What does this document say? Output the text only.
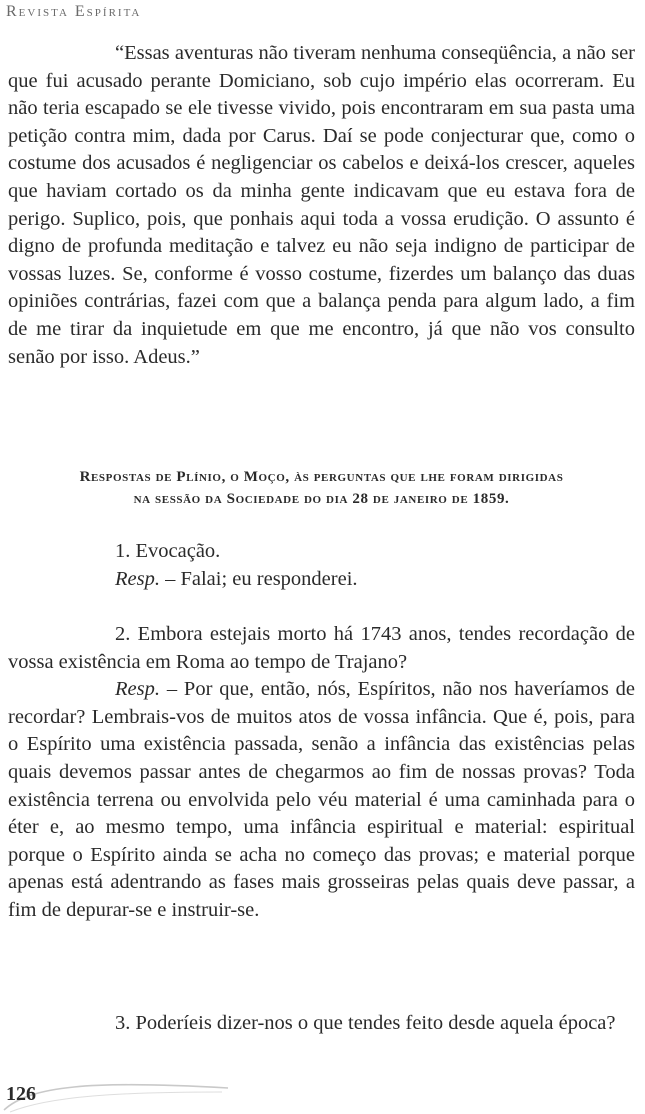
Revista Espírita

“Essas aventuras não tiveram nenhuma conseqüência, a não ser que fui acusado perante Domiciano, sob cujo império elas ocorreram. Eu não teria escapado se ele tivesse vivido, pois encontraram em sua pasta uma petição contra mim, dada por Carus. Daí se pode conjecturar que, como o costume dos acusados é negligenciar os cabelos e deixá-los crescer, aqueles que haviam cortado os da minha gente indicavam que eu estava fora de perigo. Suplico, pois, que ponhais aqui toda a vossa erudição. O assunto é digno de profunda meditação e talvez eu não seja indigno de participar de vossas luzes. Se, conforme é vosso costume, fizerdes um balanço das duas opiniões contrárias, fazei com que a balança penda para algum lado, a fim de me tirar da inquietude em que me encontro, já que não vos consulto senão por isso. Adeus.”

Respostas de Plínio, o Moço, às perguntas que lhe foram dirigidas
na sessão da Sociedade do dia 28 de janeiro de 1859.
1. Evocação.
Resp. – Falai; eu responderei.

2. Embora estejais morto há 1743 anos, tendes recordação de vossa existência em Roma ao tempo de Trajano?

Resp. – Por que, então, nós, Espíritos, não nos haveríamos de recordar? Lembrais-vos de muitos atos de vossa infância. Que é, pois, para o Espírito uma existência passada, senão a infância das existências pelas quais devemos passar antes de chegarmos ao fim de nossas provas? Toda existência terrena ou envolvida pelo véu material é uma caminhada para o éter e, ao mesmo tempo, uma infância espiritual e material: espiritual porque o Espírito ainda se acha no começo das provas; e material porque apenas está adentrando as fases mais grosseiras pelas quais deve passar, a fim de depurar-se e instruir-se.

3. Poderíeis dizer-nos o que tendes feito desde aquela época?

126
